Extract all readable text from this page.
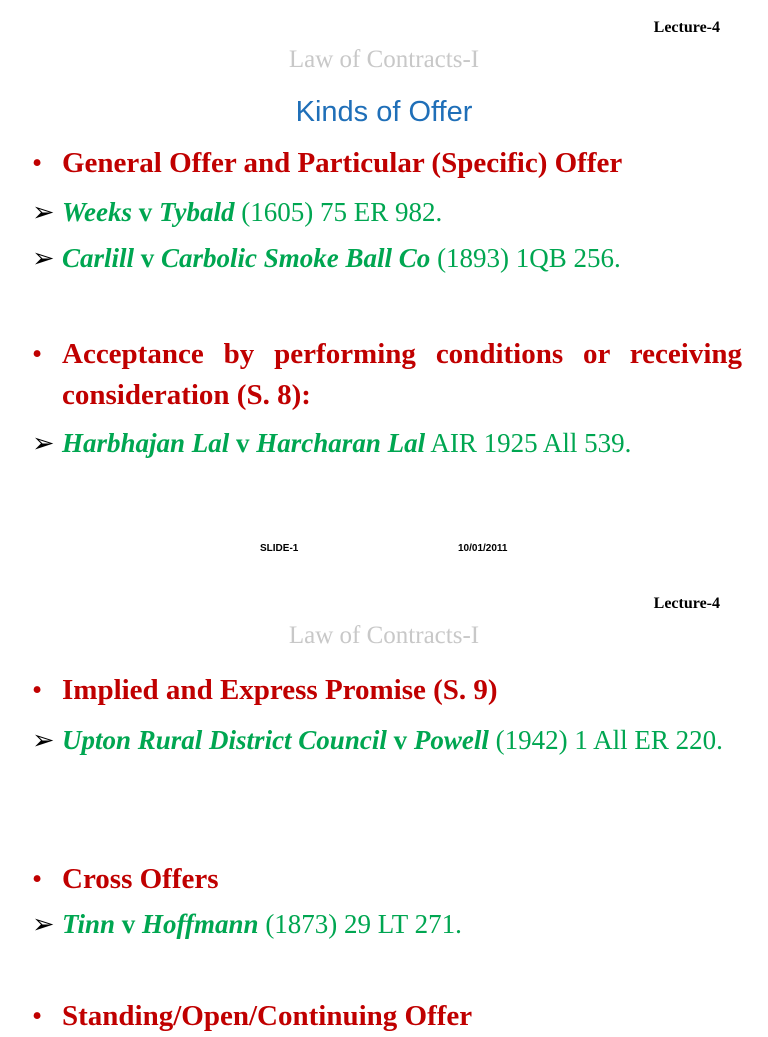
Lecture-4
Law of Contracts-I
Kinds of Offer
• General Offer and Particular (Specific) Offer
➢ Weeks v Tybald (1605) 75 ER 982.
➢ Carlill v Carbolic Smoke Ball Co (1893) 1QB 256.
• Acceptance by performing conditions or receiving consideration (S. 8):
➢ Harbhajan Lal v Harcharan Lal AIR 1925 All 539.
SLIDE-1	10/01/2011
Lecture-4
Law of Contracts-I
• Implied and Express Promise (S. 9)
➢ Upton Rural District Council v Powell (1942) 1 All ER 220.
• Cross Offers
➢ Tinn v Hoffmann (1873) 29 LT 271.
• Standing/Open/Continuing Offer
